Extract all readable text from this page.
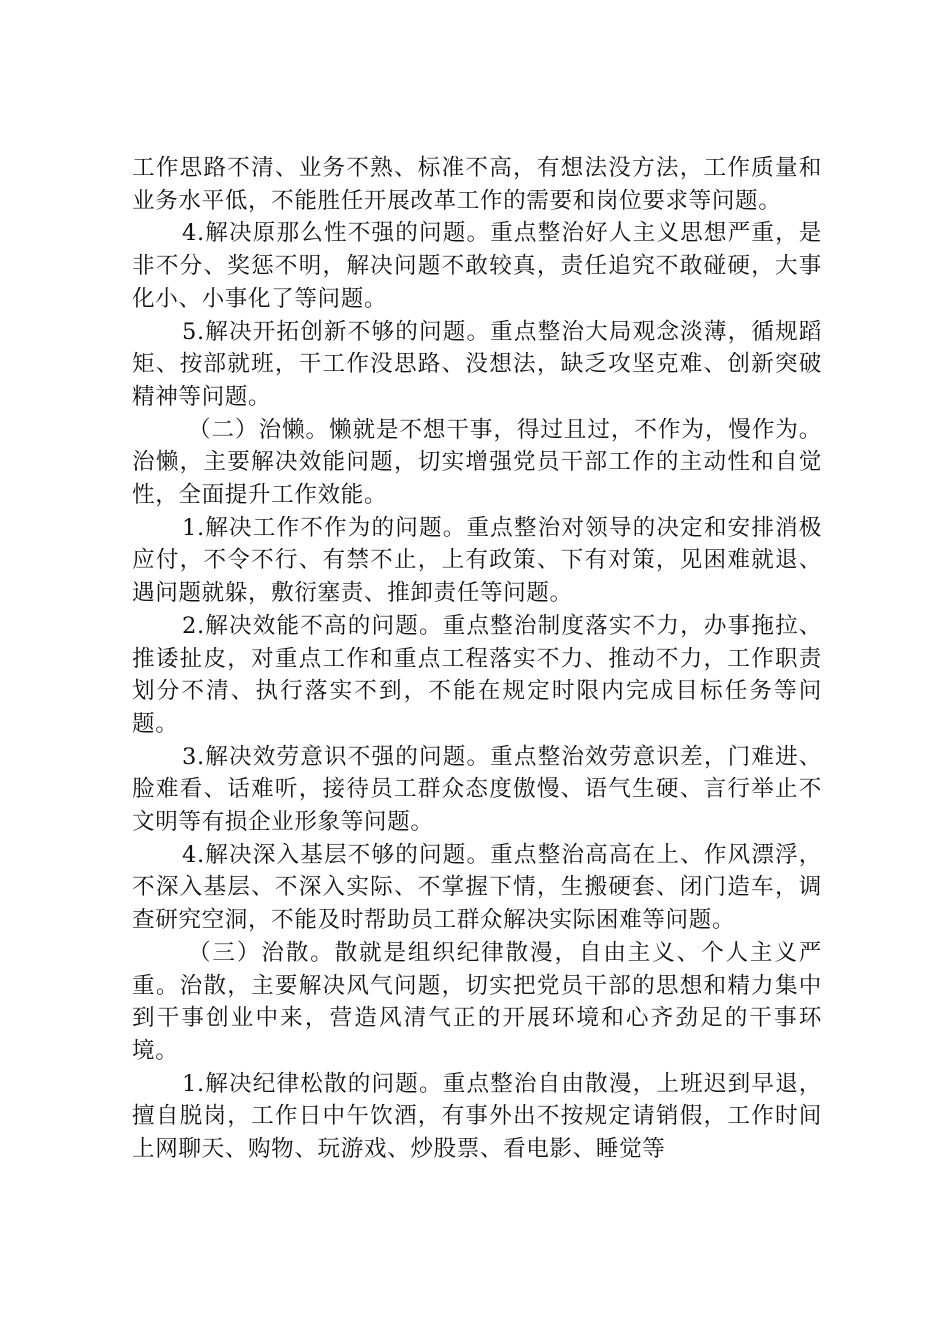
工作思路不清、业务不熟、标准不高，有想法没方法，工作质量和业务水平低，不能胜任开展改革工作的需要和岗位要求等问题。

4.解决原那么性不强的问题。重点整治好人主义思想严重，是非不分、奖惩不明，解决问题不敢较真，责任追究不敢碰硬，大事化小、小事化了等问题。

5.解决开拓创新不够的问题。重点整治大局观念淡薄，循规蹈矩、按部就班，干工作没思路、没想法，缺乏攻坚克难、创新突破精神等问题。

（二）治懒。懒就是不想干事，得过且过，不作为，慢作为。治懒，主要解决效能问题，切实增强党员干部工作的主动性和自觉性，全面提升工作效能。

1.解决工作不作为的问题。重点整治对领导的决定和安排消极应付，不令不行、有禁不止，上有政策、下有对策，见困难就退、遇问题就躲，敷衍塞责、推卸责任等问题。

2.解决效能不高的问题。重点整治制度落实不力，办事拖拉、推诿扯皮，对重点工作和重点工程落实不力、推动不力，工作职责划分不清、执行落实不到，不能在规定时限内完成目标任务等问题。

3.解决效劳意识不强的问题。重点整治效劳意识差，门难进、脸难看、话难听，接待员工群众态度傲慢、语气生硬、言行举止不文明等有损企业形象等问题。

4.解决深入基层不够的问题。重点整治高高在上、作风漂浮，不深入基层、不深入实际、不掌握下情，生搬硬套、闭门造车，调查研究空洞，不能及时帮助员工群众解决实际困难等问题。

（三）治散。散就是组织纪律散漫，自由主义、个人主义严重。治散，主要解决风气问题，切实把党员干部的思想和精力集中到干事创业中来，营造风清气正的开展环境和心齐劲足的干事环境。

1.解决纪律松散的问题。重点整治自由散漫，上班迟到早退，擅自脱岗，工作日中午饮酒，有事外出不按规定请销假，工作时间上网聊天、购物、玩游戏、炒股票、看电影、睡觉等
